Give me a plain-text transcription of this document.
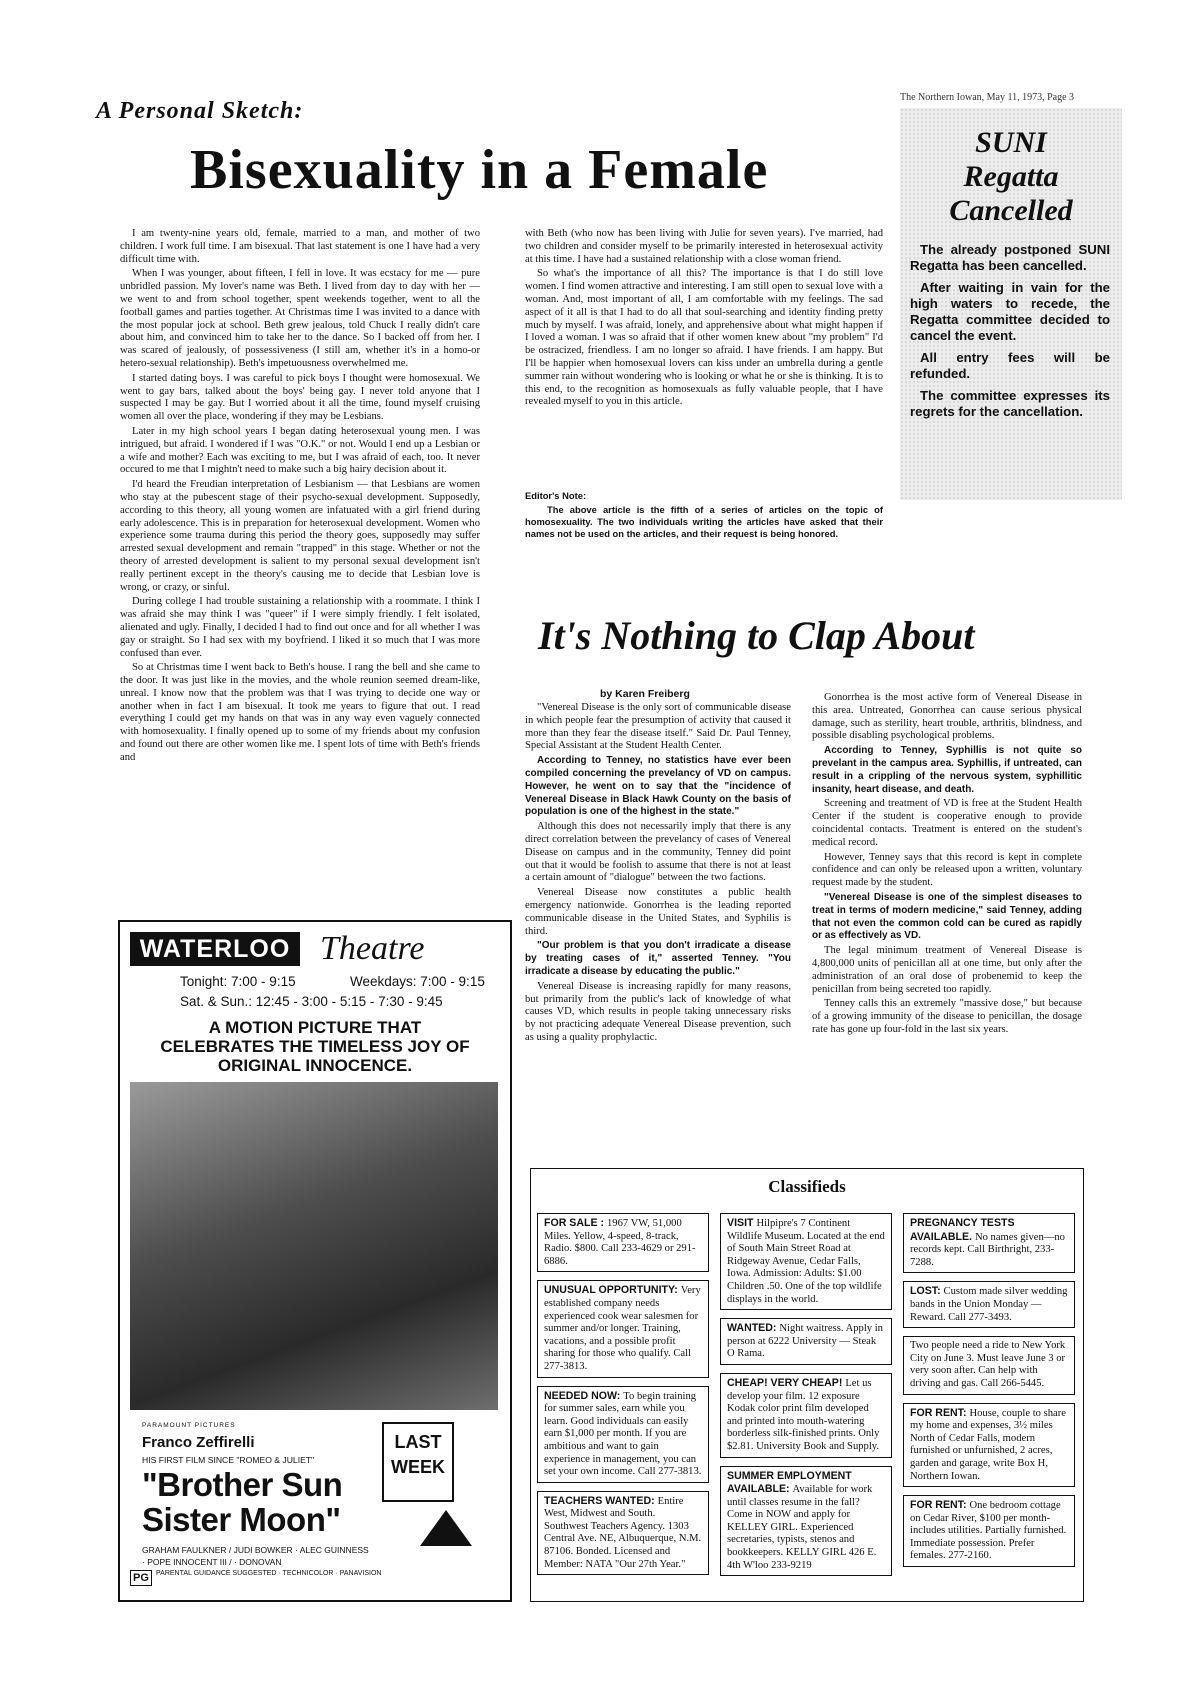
The Northern Iowan, May 11, 1973, Page 3
A Personal Sketch:
Bisexuality in a Female

I am twenty-nine years old, female, married to a man, and mother of two children. I work full time. I am bisexual. That last statement is one I have had a very difficult time with.

When I was younger, about fifteen, I fell in love. It was ecstacy for me — pure unbridled passion. My lover's name was Beth. I lived from day to day with her — we went to and from school together, spent weekends together, went to all the football games and parties together. At Christmas time I was invited to a dance with the most popular jock at school. Beth grew jealous, told Chuck I really didn't care about him, and convinced him to take her to the dance. So I backed off from her. I was scared of jealously, of possessiveness (I still am, whether it's in a homo-or hetero-sexual relationship). Beth's impetuousness overwhelmed me.

I started dating boys. I was careful to pick boys I thought were homosexual. We went to gay bars, talked about the boys' being gay. I never told anyone that I suspected I may be gay. But I worried about it all the time, found myself cruising women all over the place, wondering if they may be Lesbians.

Later in my high school years I began dating heterosexual young men. I was intrigued, but afraid. I wondered if I was "O.K." or not. Would I end up a Lesbian or a wife and mother? Each was exciting to me, but I was afraid of each, too. It never occured to me that I mightn't need to make such a big hairy decision about it.

I'd heard the Freudian interpretation of Lesbianism — that Lesbians are women who stay at the pubescent stage of their psycho-sexual development. Supposedly, according to this theory, all young women are infatuated with a girl friend during early adolescence. This is in preparation for heterosexual development. Women who experience some trauma during this period the theory goes, supposedly may suffer arrested sexual development and remain "trapped" in this stage. Whether or not the theory of arrested development is salient to my personal sexual development isn't really pertinent except in the theory's causing me to decide that Lesbian love is wrong, or crazy, or sinful.

During college I had trouble sustaining a relationship with a roommate. I think I was afraid she may think I was "queer" if I were simply friendly. I felt isolated, alienated and ugly. Finally, I decided I had to find out once and for all whether I was gay or straight. So I had sex with my boyfriend. I liked it so much that I was more confused than ever.

So at Christmas time I went back to Beth's house. I rang the bell and she came to the door. It was just like in the movies, and the whole reunion seemed dream-like, unreal. I know now that the problem was that I was trying to decide one way or another when in fact I am bisexual. It took me years to figure that out. I read everything I could get my hands on that was in any way even vaguely connected with homosexuality. I finally opened up to some of my friends about my confusion and found out there are other women like me. I spent lots of time with Beth's friends and

with Beth (who now has been living with Julie for seven years). I've married, had two children and consider myself to be primarily interested in heterosexual activity at this time. I have had a sustained relationship with a close woman friend.

So what's the importance of all this? The importance is that I do still love women. I find women attractive and interesting. I am still open to sexual love with a woman. And, most important of all, I am comfortable with my feelings. The sad aspect of it all is that I had to do all that soul-searching and identity finding pretty much by myself. I was afraid, lonely, and apprehensive about what might happen if I loved a woman. I was so afraid that if other women knew about "my problem" I'd be ostracized, friendless. I am no longer so afraid. I have friends. I am happy. But I'll be happier when homosexual lovers can kiss under an umbrella during a gentle summer rain without wondering who is looking or what he or she is thinking. It is to this end, to the recognition as homosexuals as fully valuable people, that I have revealed myself to you in this article.

Editor's Note:
The above article is the fifth of a series of articles on the topic of homosexuality. The two individuals writing the articles have asked that their names not be used on the articles, and their request is being honored.
SUNI
Regatta
Cancelled

The already postponed SUNI Regatta has been cancelled.

After waiting in vain for the high waters to recede, the Regatta committee decided to cancel the event.

All entry fees will be refunded.

The committee expresses its regrets for the cancellation.

It's Nothing to Clap About
by Karen Freiberg

"Venereal Disease is the only sort of communicable disease in which people fear the presumption of activity that caused it more than they fear the disease itself." Said Dr. Paul Tenney, Special Assistant at the Student Health Center.

According to Tenney, no statistics have ever been compiled concerning the prevelancy of VD on campus. However, he went on to say that the "incidence of Venereal Disease in Black Hawk County on the basis of population is one of the highest in the state."

Although this does not necessarily imply that there is any direct correlation between the prevelancy of cases of Venereal Disease on campus and in the community, Tenney did point out that it would be foolish to assume that there is not at least a certain amount of "dialogue" between the two factions.

Venereal Disease now constitutes a public health emergency nationwide. Gonorrhea is the leading reported communicable disease in the United States, and Syphilis is third.

"Our problem is that you don't irradicate a disease by treating cases of it," asserted Tenney. "You irradicate a disease by educating the public."

Venereal Disease is increasing rapidly for many reasons, but primarily from the public's lack of knowledge of what causes VD, which results in people taking unnecessary risks by not practicing adequate Venereal Disease prevention, such as using a quality prophylactic.

Gonorrhea is the most active form of Venereal Disease in this area. Untreated, Gonorrhea can cause serious physical damage, such as sterility, heart trouble, arthritis, blindness, and possible disabling psychological problems.

According to Tenney, Syphillis is not quite so prevelant in the campus area. Syphillis, if untreated, can result in a crippling of the nervous system, syphillitic insanity, heart disease, and death.

Screening and treatment of VD is free at the Student Health Center if the student is cooperative enough to provide coincidental contacts. Treatment is entered on the student's medical record.

However, Tenney says that this record is kept in complete confidence and can only be released upon a written, voluntary request made by the student.

"Venereal Disease is one of the simplest diseases to treat in terms of modern medicine," said Tenney, adding that not even the common cold can be cured as rapidly or as effectively as VD.

The legal minimum treatment of Venereal Disease is 4,800,000 units of penicillan all at one time, but only after the administration of an oral dose of probenemid to keep the penicillan from being secreted too rapidly.

Tenney calls this an extremely "massive dose," but because of a growing immunity of the disease to penicillan, the dosage rate has gone up four-fold in the last six years.

WATERLOO Theatre
Tonight: 7:00 - 9:15	Weekdays: 7:00 - 9:15
Sat. & Sun.: 12:45 - 3:00 - 5:15 - 7:30 - 9:45
A MOTION PICTURE THAT CELEBRATES THE TIMELESS JOY OF ORIGINAL INNOCENCE.
PARAMOUNT PICTURES
Franco Zeffirelli
HIS FIRST FILM SINCE "ROMEO & JULIET"
"Brother Sun
Sister Moon"
LAST
WEEK
GRAHAM FAULKNER / JUDI BOWKER · ALEC GUINNESS
· POPE INNOCENT III / · DONOVAN
PG	PARENTAL GUIDANCE SUGGESTED · TECHNICOLOR · PANAVISION
Classifieds
FOR SALE : 1967 VW, 51,000 Miles. Yellow, 4-speed, 8-track, Radio. $800. Call 233-4629 or 291-6886.
UNUSUAL OPPORTUNITY: Very established company needs experienced cook wear salesmen for summer and/or longer. Training, vacations, and a possible profit sharing for those who qualify. Call 277-3813.
NEEDED NOW: To begin training for summer sales, earn while you learn. Good individuals can easily earn $1,000 per month. If you are ambitious and want to gain experience in management, you can set your own income. Call 277-3813.
TEACHERS WANTED: Entire West, Midwest and South. Southwest Teachers Agency. 1303 Central Ave. NE, Albuquerque, N.M. 87106. Bonded. Licensed and Member: NATA "Our 27th Year."
VISIT Hilpipre's 7 Continent Wildlife Museum. Located at the end of South Main Street Road at Ridgeway Avenue, Cedar Falls, Iowa. Admission: Adults: $1.00 Children .50. One of the top wildlife displays in the world.
WANTED: Night waitress. Apply in person at 6222 University — Steak O Rama.
CHEAP! VERY CHEAP! Let us develop your film. 12 exposure Kodak color print film developed and printed into mouth-watering borderless silk-finished prints. Only $2.81. University Book and Supply.
SUMMER EMPLOYMENT AVAILABLE: Available for work until classes resume in the fall? Come in NOW and apply for KELLEY GIRL. Experienced secretaries, typists, stenos and bookkeepers. KELLY GIRL 426 E. 4th W'loo 233-9219
PREGNANCY TESTS AVAILABLE. No names given—no records kept. Call Birthright, 233-7288.
LOST: Custom made silver wedding bands in the Union Monday — Reward. Call 277-3493.
Two people need a ride to New York City on June 3. Must leave June 3 or very soon after. Can help with driving and gas. Call 266-5445.
FOR RENT: House, couple to share my home and expenses, 3½ miles North of Cedar Falls, modern furnished or unfurnished, 2 acres, garden and garage, write Box H, Northern Iowan.
FOR RENT: One bedroom cottage on Cedar River, $100 per month-includes utilities. Partially furnished. Immediate possession. Prefer females. 277-2160.
